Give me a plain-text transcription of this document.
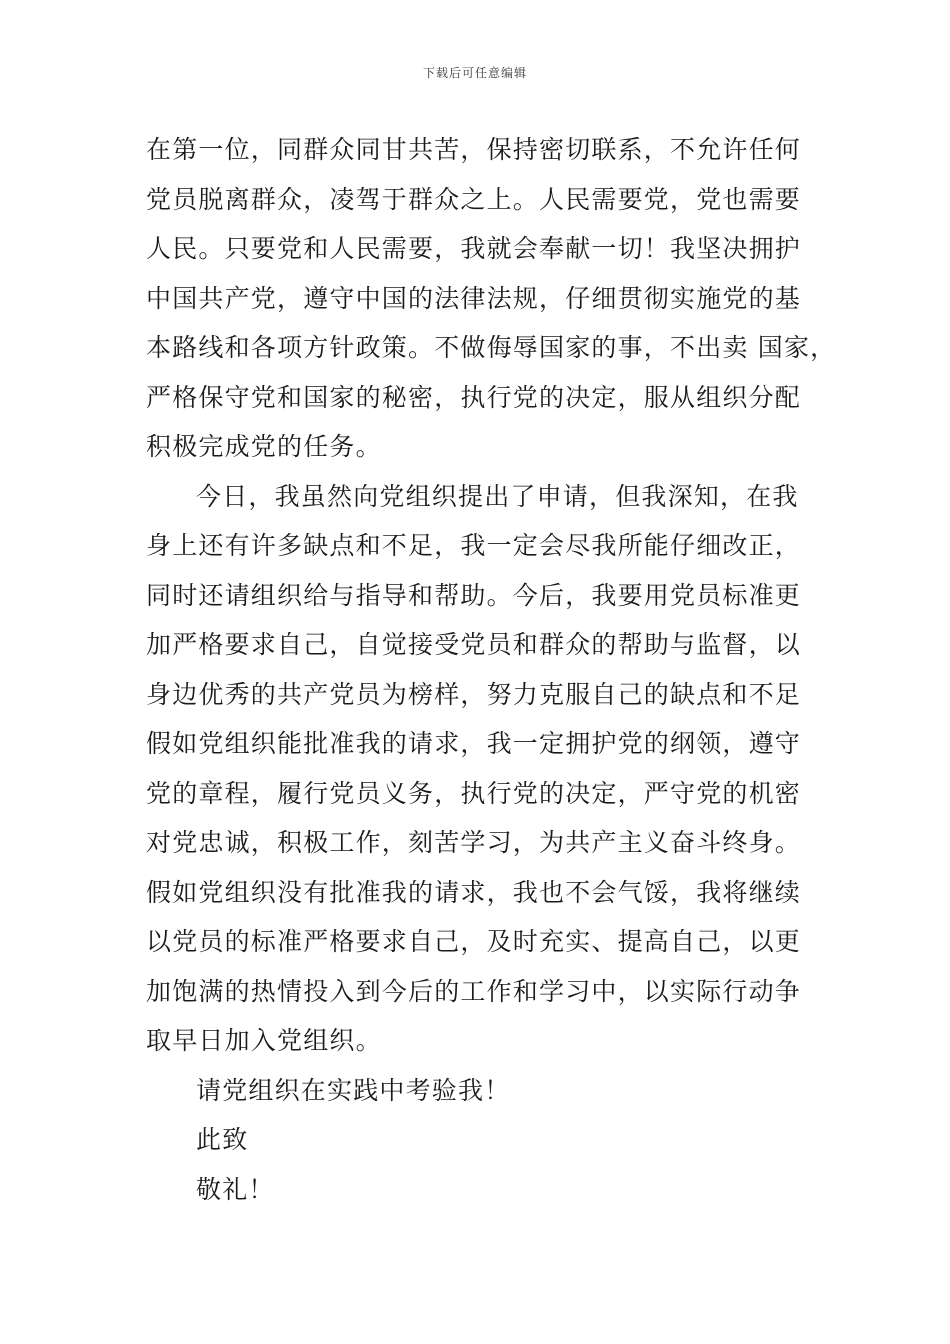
下载后可任意编辑
在第一位，同群众同甘共苦，保持密切联系，不允许任何
党员脱离群众，凌驾于群众之上。人民需要党，党也需要
人民。只要党和人民需要，我就会奉献一切！我坚决拥护
中国共产党，遵守中国的法律法规，仔细贯彻实施党的基
本路线和各项方针政策。不做侮辱国家的事，不出卖 国家，
严格保守党和国家的秘密，执行党的决定，服从组织分配
积极完成党的任务。
今日，我虽然向党组织提出了申请，但我深知，在我
身上还有许多缺点和不足，我一定会尽我所能仔细改正，
同时还请组织给与指导和帮助。今后，我要用党员标准更
加严格要求自己，自觉接受党员和群众的帮助与监督，以
身边优秀的共产党员为榜样，努力克服自己的缺点和不足
假如党组织能批准我的请求，我一定拥护党的纲领，遵守
党的章程，履行党员义务，执行党的决定，严守党的机密
对党忠诚，积极工作，刻苦学习，为共产主义奋斗终身。
假如党组织没有批准我的请求，我也不会气馁，我将继续
以党员的标准严格要求自己，及时充实、提高自己，以更
加饱满的热情投入到今后的工作和学习中，以实际行动争
取早日加入党组织。
请党组织在实践中考验我！
此致
敬礼！
